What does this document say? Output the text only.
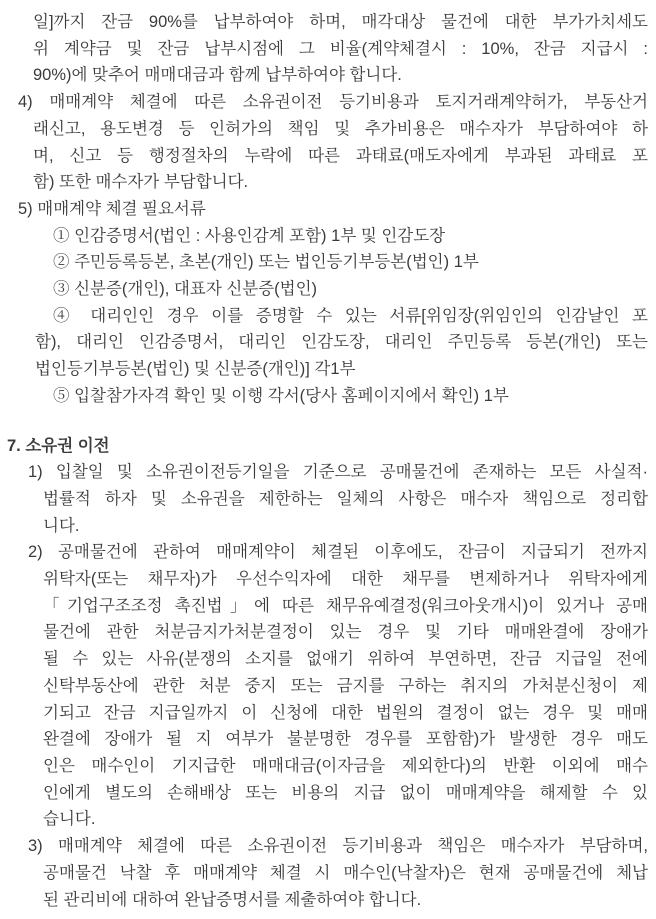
일]까지 잔금 90%를 납부하여야 하며, 매각대상 물건에 대한 부가가치세도
위 계약금 및 잔금 납부시점에 그 비율(계약체결시 : 10%, 잔금 지급시 :
90%)에 맞추어 매매대금과 함께 납부하여야 합니다.
4) 매매계약 체결에 따른 소유권이전 등기비용과 토지거래계약허가, 부동산거
래신고, 용도변경 등 인허가의 책임 및 추가비용은 매수자가 부담하여야 하
며, 신고 등 행정절차의 누락에 따른 과태료(매도자에게 부과된 과태료 포
함) 또한 매수자가 부담합니다.
5) 매매계약 체결 필요서류
① 인감증명서(법인 : 사용인감계 포함) 1부 및 인감도장
② 주민등록등본, 초본(개인) 또는 법인등기부등본(법인) 1부
③ 신분증(개인), 대표자 신분증(법인)
④ 대리인인 경우 이를 증명할 수 있는 서류[위임장(위임인의 인감날인 포
함), 대리인 인감증명서, 대리인 인감도장, 대리인 주민등록 등본(개인) 또는
법인등기부등본(법인) 및 신분증(개인)] 각1부
⑤ 입찰참가자격 확인 및 이행 각서(당사 홈페이지에서 확인) 1부
7. 소유권 이전
1) 입찰일 및 소유권이전등기일을 기준으로 공매물건에 존재하는 모든 사실적·
법률적 하자 및 소유권을 제한하는 일체의 사항은 매수자 책임으로 정리합
니다.
2) 공매물건에 관하여 매매계약이 체결된 이후에도, 잔금이 지급되기 전까지
위탁자(또는 채무자)가 우선수익자에 대한 채무를 변제하거나 위탁자에게
「기업구조조정 촉진법」에 따른 채무유예결정(워크아웃개시)이 있거나 공매
물건에 관한 처분금지가처분결정이 있는 경우 및 기타 매매완결에 장애가
될 수 있는 사유(분쟁의 소지를 없애기 위하여 부연하면, 잔금 지급일 전에
신탁부동산에 관한 처분 중지 또는 금지를 구하는 취지의 가처분신청이 제
기되고 잔금 지급일까지 이 신청에 대한 법원의 결정이 없는 경우 및 매매
완결에 장애가 될 지 여부가 불분명한 경우를 포함함)가 발생한 경우 매도
인은 매수인이 기지급한 매매대금(이자금을 제외한다)의 반환 이외에 매수
인에게 별도의 손해배상 또는 비용의 지급 없이 매매계약을 해제할 수 있
습니다.
3) 매매계약 체결에 따른 소유권이전 등기비용과 책임은 매수자가 부담하며,
공매물건 낙찰 후 매매계약 체결 시 매수인(낙찰자)은 현재 공매물건에 체납
된 관리비에 대하여 완납증명서를 제출하여야 합니다.
